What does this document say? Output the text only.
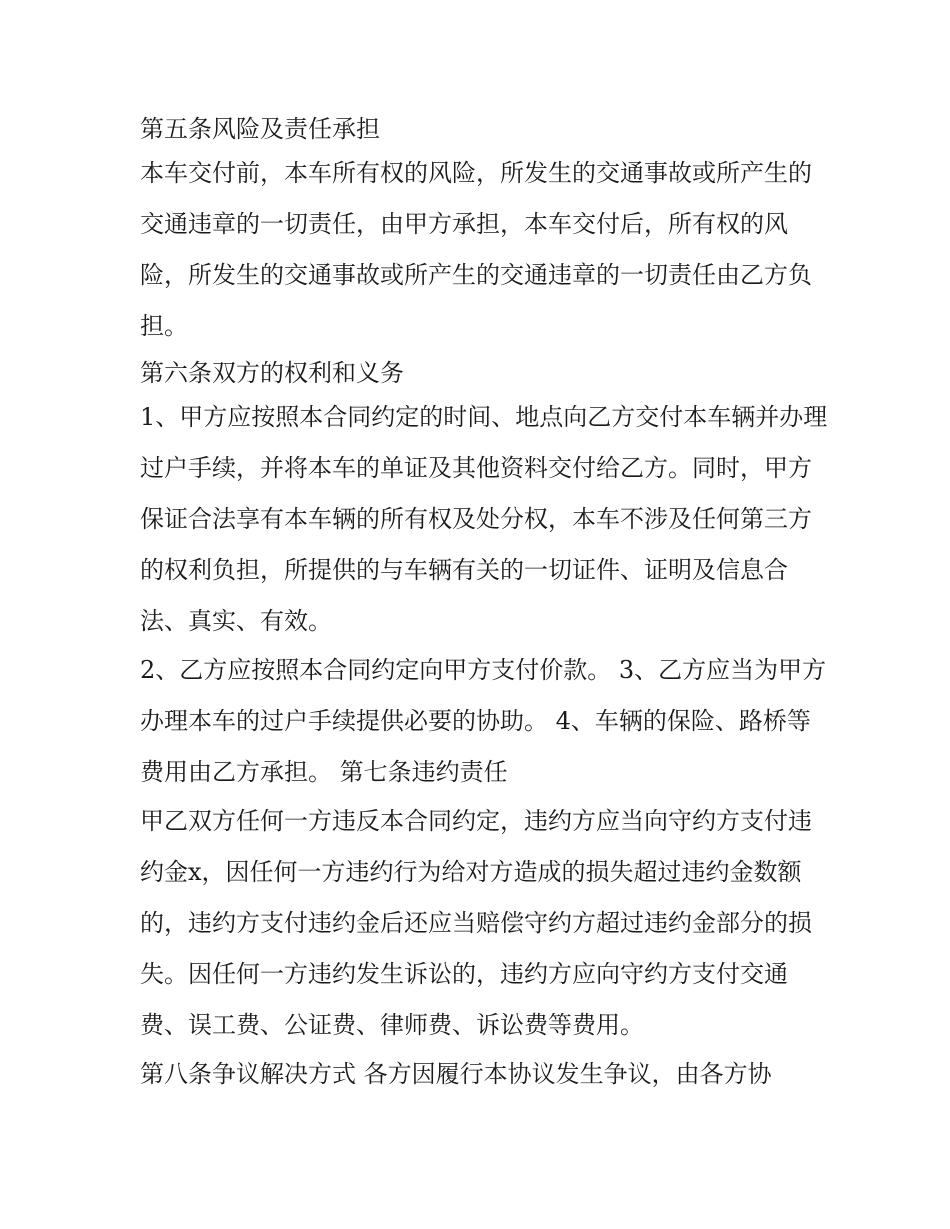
第五条风险及责任承担

本车交付前，本车所有权的风险，所发生的交通事故或所产生的交通违章的一切责任，由甲方承担，本车交付后，所有权的风险，所发生的交通事故或所产生的交通违章的一切责任由乙方负担。

第六条双方的权利和义务

1、甲方应按照本合同约定的时间、地点向乙方交付本车辆并办理过户手续，并将本车的单证及其他资料交付给乙方。同时，甲方保证合法享有本车辆的所有权及处分权，本车不涉及任何第三方的权利负担，所提供的与车辆有关的一切证件、证明及信息合法、真实、有效。

2、乙方应按照本合同约定向甲方支付价款。 3、乙方应当为甲方办理本车的过户手续提供必要的协助。 4、车辆的保险、路桥等费用由乙方承担。 第七条违约责任

甲乙双方任何一方违反本合同约定，违约方应当向守约方支付违约金x，因任何一方违约行为给对方造成的损失超过违约金数额的，违约方支付违约金后还应当赔偿守约方超过违约金部分的损失。因任何一方违约发生诉讼的，违约方应向守约方支付交通费、误工费、公证费、律师费、诉讼费等费用。

第八条争议解决方式 各方因履行本协议发生争议，由各方协
